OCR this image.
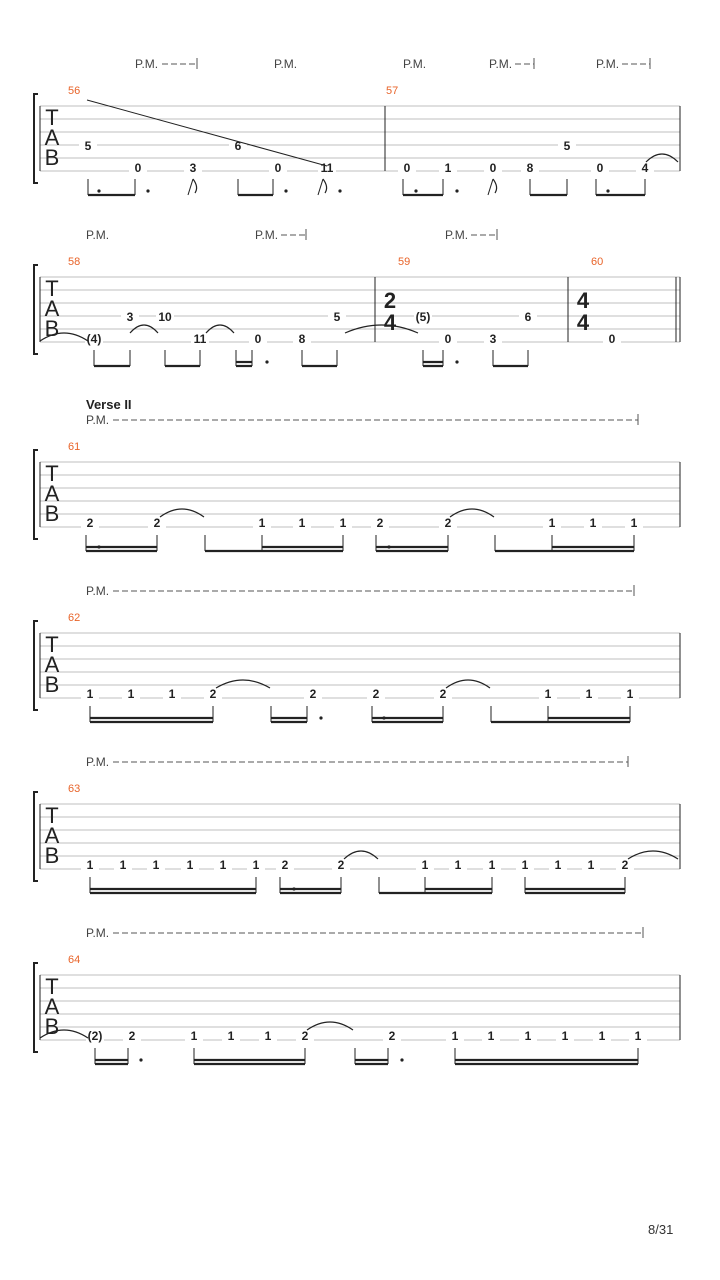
T
A
B
56	57
P.M.	P.M.	P.M.	P.M.	P.M.
5
0	3
6
0	11	0	1	0	8
5
0	4
T
A
B
58	59	60
P.M.	P.M.	P.M.
(4)
3 10
11	0	8
5	(5)
0	3
6
0
2
4
4
4
T
A
B
61
Verse II
P.M.
2	2	1	1	1	2	2	1	1	1
T
A
B
62
P.M.
1	1	1	2	2	2	2	1	1	1
T
A
B
63
P.M.
1 1 1 1 1 1 2	2	1 1 1 1 1 1 2
T
A
B
64
P.M.
(2) 2	1	1	1	2	2	1 1	1	1	1 1
8/31
